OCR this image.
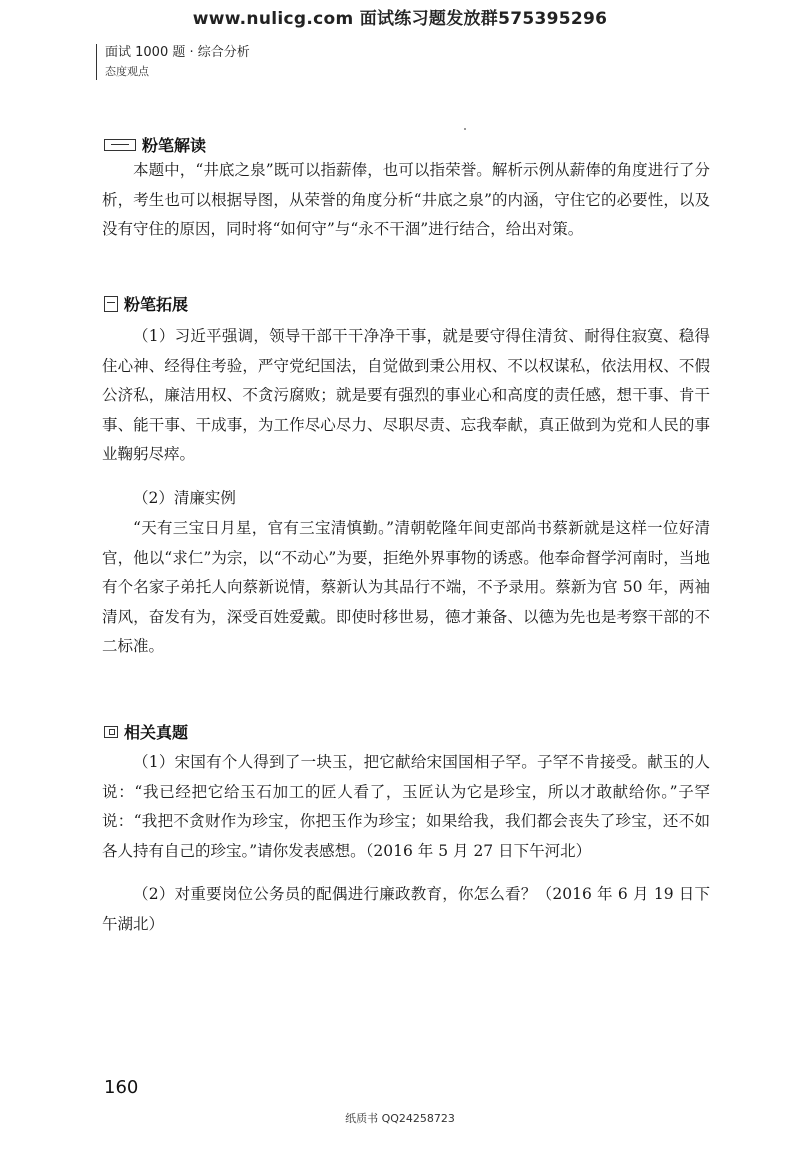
www.nulicg.com 面试练习题发放群575395296
面试 1000 题 · 综合分析
态度观点
粉笔解读
本题中，“井底之泉”既可以指薪俸，也可以指荣誉。解析示例从薪俸的角度进行了分析，考生也可以根据导图，从荣誉的角度分析“井底之泉”的内涵，守住它的必要性，以及没有守住的原因，同时将“如何守”与“永不干涸”进行结合，给出对策。
粉笔拓展
（1）习近平强调，领导干部干干净净干事，就是要守得住清贫、耐得住寂寞、稳得住心神、经得住考验，严守党纪国法，自觉做到秉公用权、不以权谋私，依法用权、不假公济私，廉洁用权、不贪污腐败；就是要有强烈的事业心和高度的责任感，想干事、肯干事、能干事、干成事，为工作尽心尽力、尽职尽责、忘我奉献，真正做到为党和人民的事业鞠躬尽瘁。
（2）清廉实例
“天有三宝日月星，官有三宝清慎勤。”清朝乾隆年间吏部尚书蔡新就是这样一位好清官，他以“求仁”为宗，以“不动心”为要，拒绝外界事物的诱惑。他奉命督学河南时，当地有个名家子弟托人向蔡新说情，蔡新认为其品行不端，不予录用。蔡新为官 50 年，两袖清风，奋发有为，深受百姓爱戴。即使时移世易，德才兼备、以德为先也是考察干部的不二标准。
相关真题
（1）宋国有个人得到了一块玉，把它献给宋国国相子罕。子罕不肯接受。献玉的人说：“我已经把它给玉石加工的匠人看了，玉匠认为它是珍宝，所以才敢献给你。”子罕说：“我把不贪财作为珍宝，你把玉作为珍宝；如果给我，我们都会丧失了珍宝，还不如各人持有自己的珍宝。”请你发表感想。（2016 年 5 月 27 日下午河北）
（2）对重要岗位公务员的配偶进行廉政教育，你怎么看？（2016 年 6 月 19 日下午湖北）
160
纸质书 QQ24258723
